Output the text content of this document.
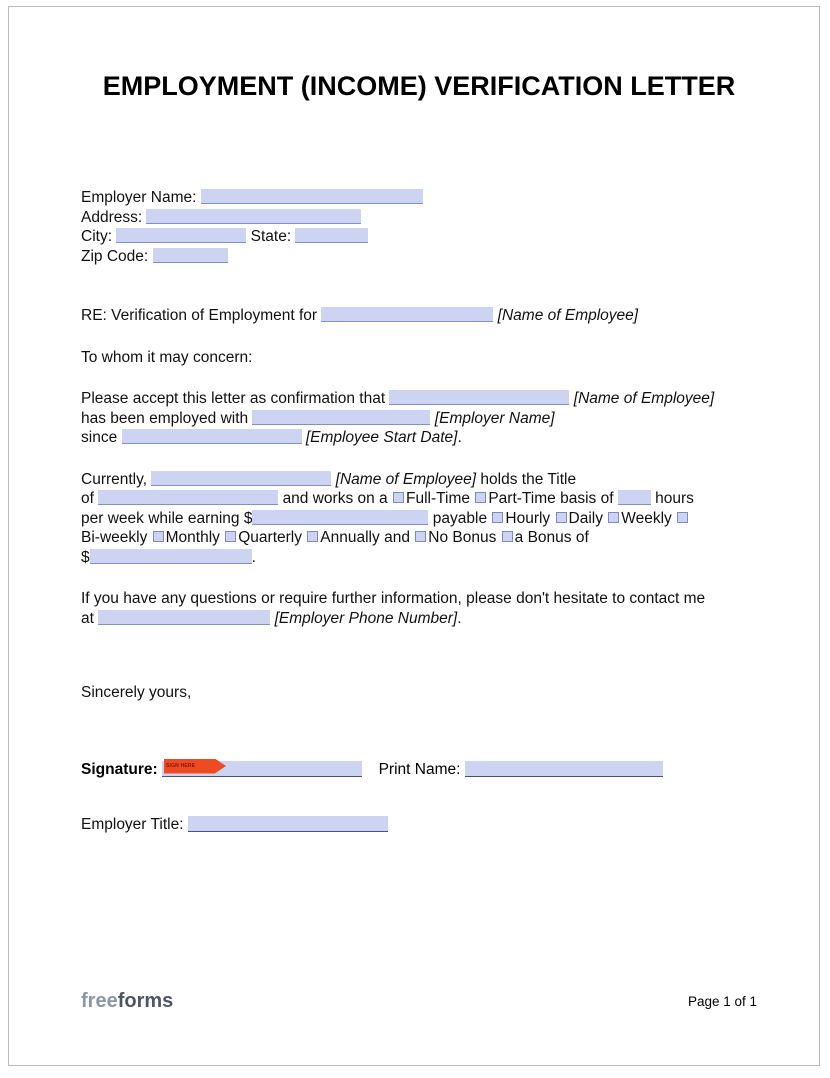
EMPLOYMENT (INCOME) VERIFICATION LETTER
Employer Name:
Address:
City:	State:
Zip Code:
RE: Verification of Employment for	[Name of Employee]
To whom it may concern:
Please accept this letter as confirmation that	[Name of Employee]
has been employed with	[Employer Name]
since	[Employee Start Date].
Currently,	[Name of Employee] holds the Title
of	and works on a Full-Time Part-Time basis of	hours
per week while earning $	payable Hourly Daily Weekly
Bi-weekly Monthly Quarterly Annually and No Bonus a Bonus of
$	.
If you have any questions or require further information, please don't hesitate to contact me
at	[Employer Phone Number].
Sincerely yours,
Signature: SIGN HERE	Print Name:
Employer Title:
freeforms	Page 1 of 1
